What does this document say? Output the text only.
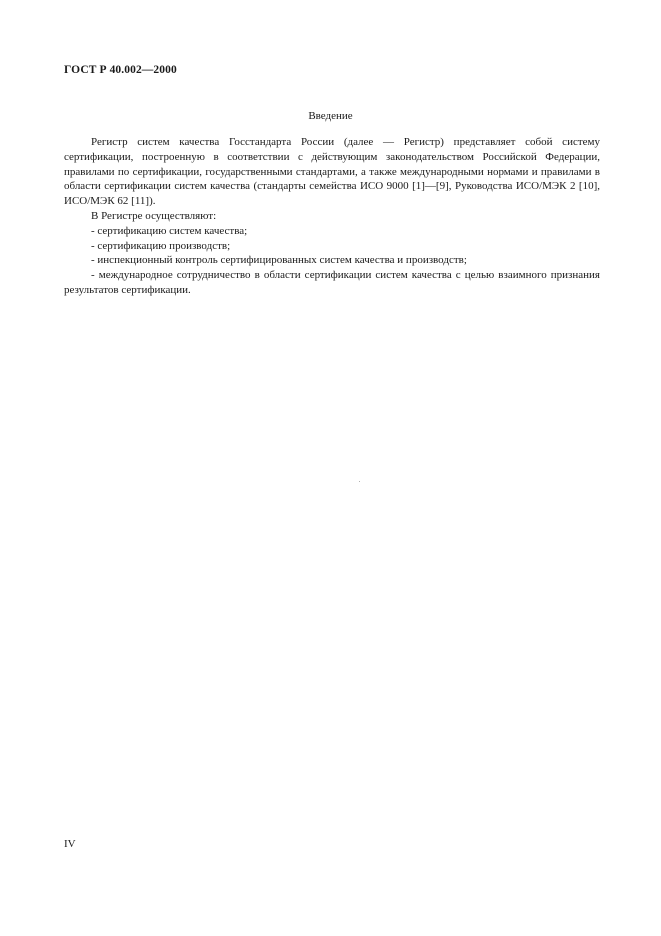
ГОСТ Р 40.002—2000
Введение

Регистр систем качества Госстандарта России (далее — Регистр) представляет собой систему сертификации, построенную в соответствии с действующим законодательством Российской Федерации, правилами по сертификации, государственными стандартами, а также международными нормами и правилами в области сертификации систем качества (стандарты семейства ИСО 9000 [1]—[9], Руководства ИСО/МЭК 2 [10], ИСО/МЭК 62 [11]).

В Регистре осуществляют:

- сертификацию систем качества;

- сертификацию производств;

- инспекционный контроль сертифицированных систем качества и производств;

- международное сотрудничество в области сертификации систем качества с целью взаимного признания результатов сертификации.

IV
